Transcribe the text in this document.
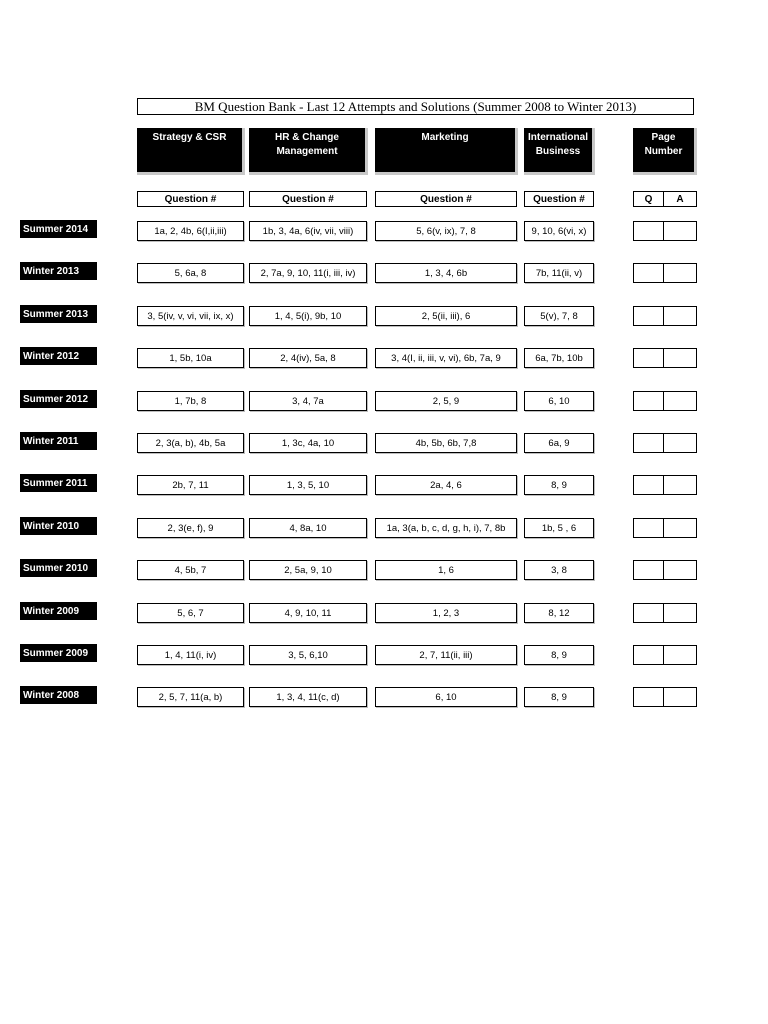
BM Question Bank - Last 12 Attempts and Solutions (Summer 2008 to Winter 2013)
Strategy & CSR	HR & Change
Management
Marketing	International
Business
Page
Number
Question #	Question #	Question #	Question #	Q	A
Summer 2014	1a, 2, 4b, 6(I,ii,iii)	1b, 3, 4a, 6(iv, vii, viii)	5, 6(v, ix), 7, 8	9, 10, 6(vi, x)
Winter 2013	5, 6a, 8	2, 7a, 9, 10, 11(i, iii, iv)	1, 3, 4, 6b	7b, 11(ii, v)
Summer 2013	3, 5(iv, v, vi, vii, ix, x)	1, 4, 5(i), 9b, 10	2, 5(ii, iii), 6	5(v), 7, 8
Winter 2012	1, 5b, 10a	2, 4(iv), 5a, 8	3, 4(I, ii, iii, v, vi), 6b, 7a, 9	6a, 7b, 10b
Summer 2012	1, 7b, 8	3, 4, 7a	2, 5, 9	6, 10
Winter 2011	2, 3(a, b), 4b, 5a	1, 3c, 4a, 10	4b, 5b, 6b, 7,8	6a, 9
Summer 2011	2b, 7, 11	1, 3, 5, 10	2a, 4, 6	8, 9
Winter 2010	2, 3(e, f), 9	4, 8a, 10	1a, 3(a, b, c, d, g, h, i), 7, 8b	1b, 5 , 6
Summer 2010	4, 5b, 7	2, 5a, 9, 10	1, 6	3, 8
Winter 2009	5, 6, 7	4, 9, 10, 11	1, 2, 3	8, 12
Summer 2009	1, 4, 11(i, iv)	3, 5, 6,10	2, 7, 11(ii, iii)	8, 9
Winter 2008	2, 5, 7, 11(a, b)	1, 3, 4, 11(c, d)	6, 10	8, 9
